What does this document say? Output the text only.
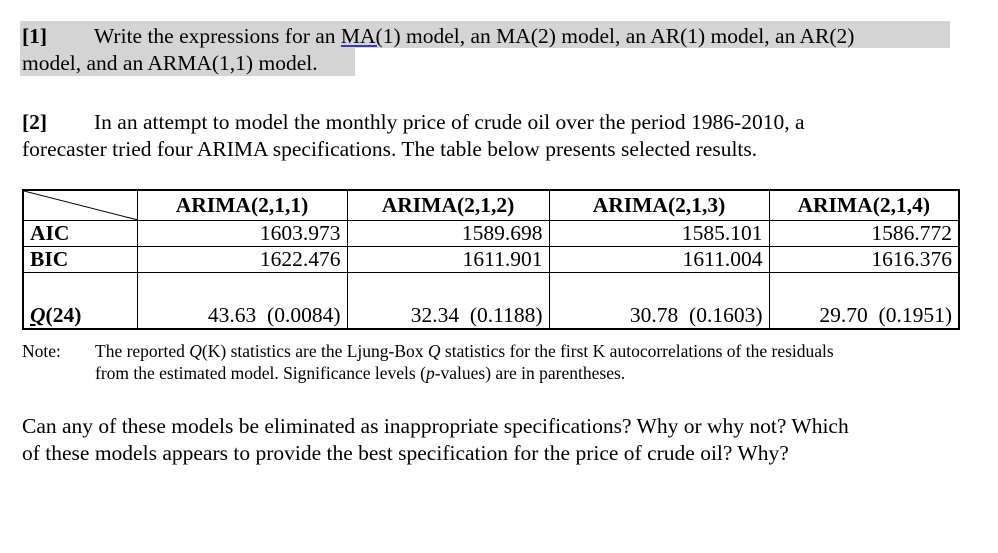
[1] Write the expressions for an MA(1) model, an MA(2) model, an AR(1) model, an AR(2)
model, and an ARMA(1,1) model.
[2] In an attempt to model the monthly price of crude oil over the period 1986-2010, a
forecaster tried four ARIMA specifications. The table below presents selected results.
	ARIMA(2,1,1)	ARIMA(2,1,2)	ARIMA(2,1,3)	ARIMA(2,1,4)
AIC	1603.973	1589.698	1585.101	1586.772
BIC	1622.476	1611.901	1611.004	1616.376
Q(24)	43.63  (0.0084)	32.34  (0.1188)	30.78  (0.1603)	29.70  (0.1951)
Note: The reported Q(K) statistics are the Ljung-Box Q statistics for the first K autocorrelations of the residuals
from the estimated model. Significance levels (p-values) are in parentheses.
Can any of these models be eliminated as inappropriate specifications? Why or why not? Which
of these models appears to provide the best specification for the price of crude oil? Why?
